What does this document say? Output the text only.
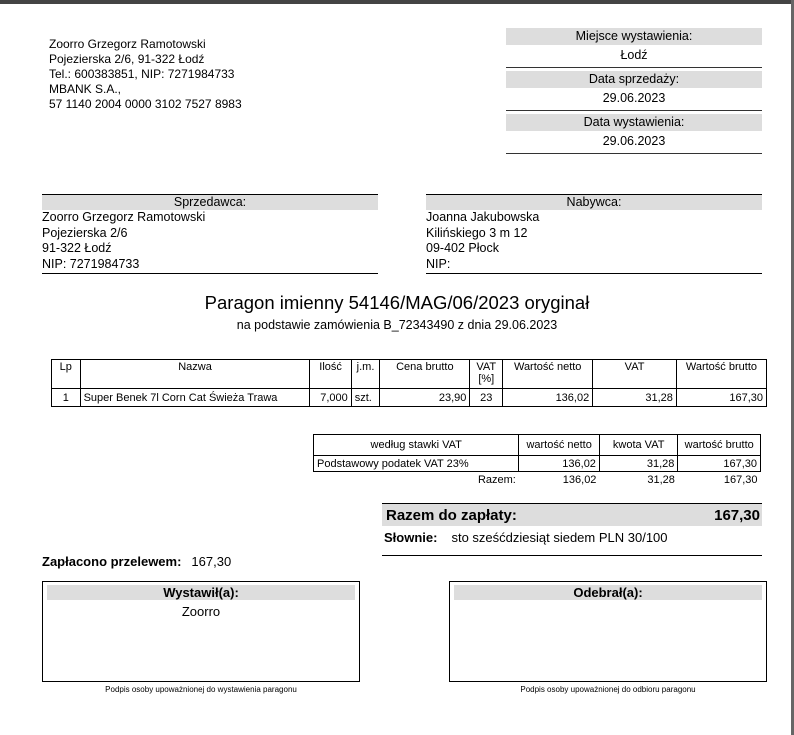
Zoorro Grzegorz Ramotowski
Pojezierska 2/6, 91-322 Łodź
Tel.: 600383851, NIP: 7271984733
MBANK S.A.,
57 1140 2004 0000 3102 7527 8983
Miejsce wystawienia:
Łodź
Data sprzedaży:
29.06.2023
Data wystawienia:
29.06.2023
Sprzedawca:
Zoorro Grzegorz Ramotowski
Pojezierska 2/6
91-322 Łodź
NIP: 7271984733
Nabywca:
Joanna Jakubowska
Kilińskiego 3 m 12
09-402 Płock
NIP:
Paragon imienny 54146/MAG/06/2023 oryginał
na podstawie zamówienia B_72343490 z dnia 29.06.2023
Lp	Nazwa	Ilość	j.m.	Cena brutto	VAT [%]	Wartość netto	VAT	Wartość brutto
1	Super Benek 7l Corn Cat Świeża Trawa	7,000	szt.	23,90	23	136,02	31,28	167,30
według stawki VAT	wartość netto	kwota VAT	wartość brutto
Podstawowy podatek VAT 23%	136,02	31,28	167,30
Razem:	136,02	31,28	167,30
Razem do zapłaty:	167,30
Słownie: sto sześćdziesiąt siedem PLN 30/100
Zapłacono przelewem: 167,30
Wystawił(a):
Zoorro
Podpis osoby upoważnionej do wystawienia paragonu
Odebrał(a):
Podpis osoby upoważnionej do odbioru paragonu
